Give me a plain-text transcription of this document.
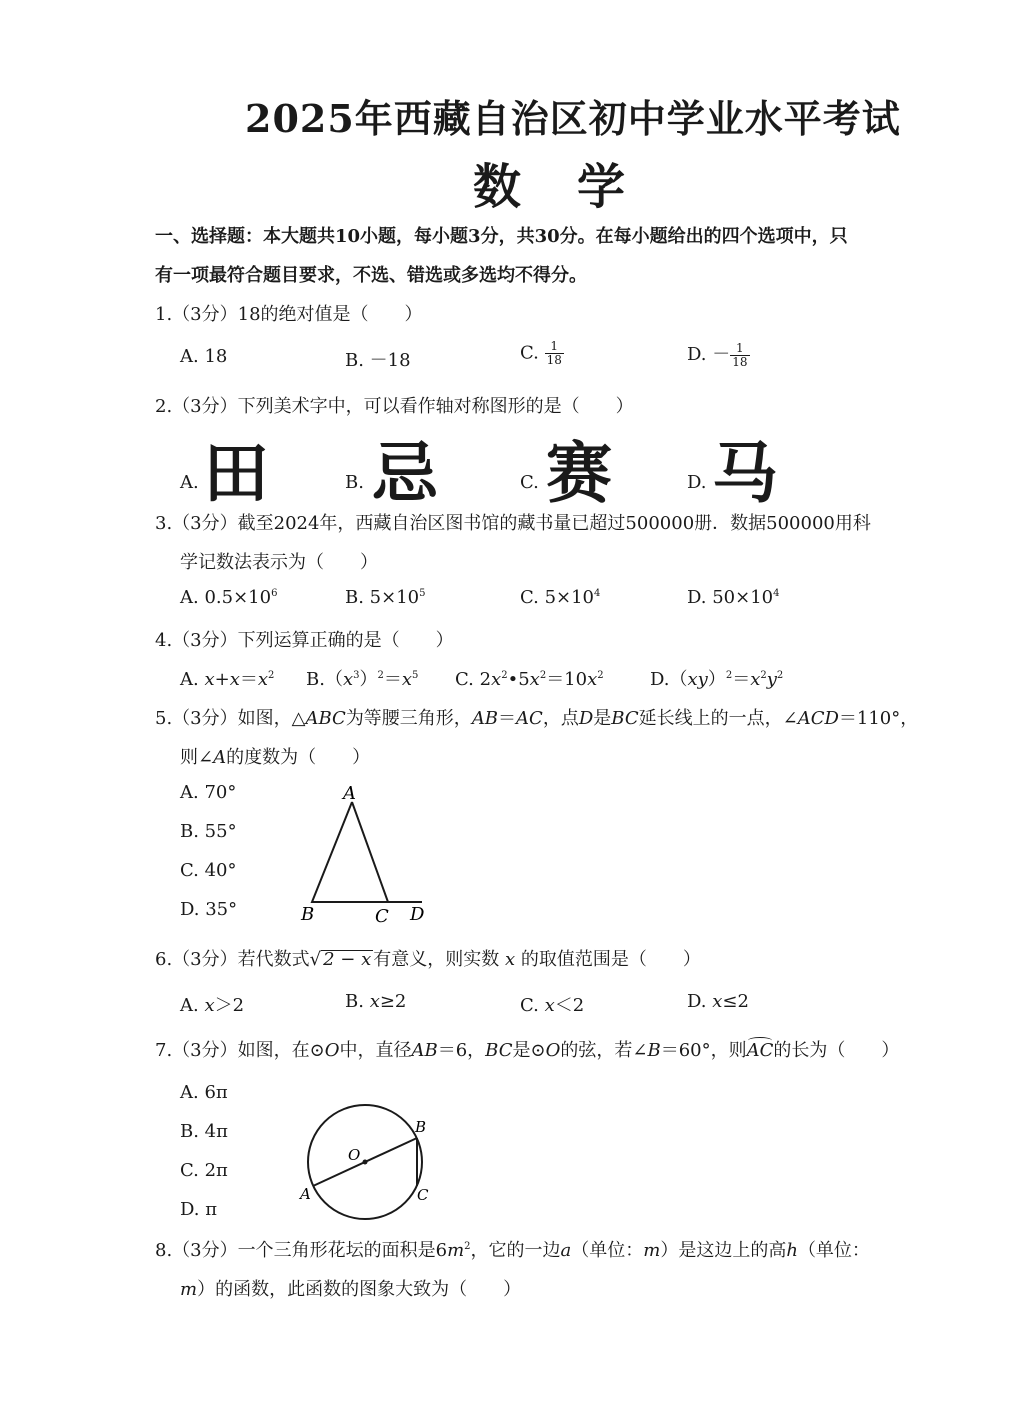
2025年西藏自治区初中学业水平考试
数　学
一、选择题：本大题共10小题，每小题3分，共30分。在每小题给出的四个选项中，只
有一项最符合题目要求，不选、错选或多选均不得分。
1.（3分）18的绝对值是（　　）
A. 18	B. －18	C. $\frac{1}{18}$	D. － $\frac{1}{18}$
2.（3分）下列美术字中，可以看作轴对称图形的是（　　）
A. 田	B. 忌	C. 赛	D. 马
3.（3分）截至2024年，西藏自治区图书馆的藏书量已超过500000册．数据500000用科
学记数法表示为（　　）
A. $0.5\times 10^6$	B. $5\times 10^5$	C. $5\times 10^4$	D. $50\times 10^4$
4.（3分）下列运算正确的是（　　）
A. $x+x=x^2$ $B.(x^3)^2=x^5$ C. $2x^2•5x^2=10x^2$	$D.(xy)^2=x^2y^2$
5.（3分）如图，△ABC为等腰三角形，AB＝AC，点D是BC延长线上的一点，∠ACD＝110°，
则∠A的度数为（　　）
A. 70°
B. 55°
C. 40°
D. 35°
A
B	C D
6.（3分）若代数式√ 2 − x 有意义，则实数 x 的取值范围是（　　）
A. x＞2	B. x≥2	C. x＜2	D. x≤2
7.（3分）如图，在⊙O中，直径AB＝6，BC是⊙O的弦，若∠B＝60°，则AC的长为（　　）
A. 6π
B. 4π
C. 2π
D. π
O
A
B
C
8.（3分）一个三角形花坛的面积是$6m^2$，它的一边a（单位：m）是这边上的高h（单位：
m）的函数，此函数的图象大致为（　　）
